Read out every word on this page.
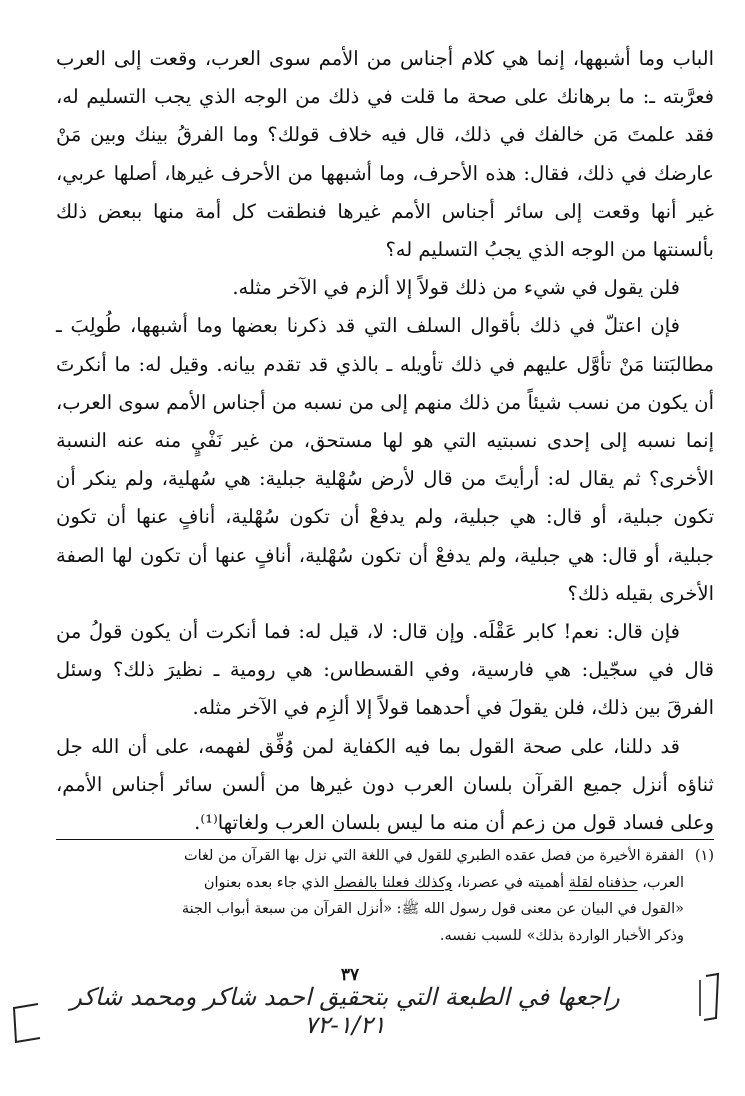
الباب وما أشبهها، إنما هي كلام أجناس من الأمم سوى العرب، وقعت إلى العرب فعرَّبته ـ: ما برهانك على صحة ما قلت في ذلك من الوجه الذي يجب التسليم له، فقد علمتَ مَن خالفك في ذلك، قال فيه خلاف قولك؟ وما الفرقُ بينك وبين مَنْ عارضك في ذلك، فقال: هذه الأحرف، وما أشبهها من الأحرف غيرها، أصلها عربي، غير أنها وقعت إلى سائر أجناس الأمم غيرها فنطقت كل أمة منها ببعض ذلك بألسنتها من الوجه الذي يجبُ التسليم له؟

فلن يقول في شيء من ذلك قولاً إلا ألزم في الآخر مثله.

فإن اعتلّ في ذلك بأقوال السلف التي قد ذكرنا بعضها وما أشبهها، طُولِبَ ـ مطالبَتنا مَنْ تأوَّل عليهم في ذلك تأويله ـ بالذي قد تقدم بيانه. وقيل له: ما أنكرتَ أن يكون من نسب شيئاً من ذلك منهم إلى من نسبه من أجناس الأمم سوى العرب، إنما نسبه إلى إحدى نسبتيه التي هو لها مستحق، من غير نَفْيٍ منه عنه النسبة الأخرى؟ ثم يقال له: أرأيتَ من قال لأرض سُهْلية جبلية: هي سُهلية، ولم ينكر أن تكون جبلية، أو قال: هي جبلية، ولم يدفعْ أن تكون سُهْلية، أنافٍ عنها أن تكون جبلية، أو قال: هي جبلية، ولم يدفعْ أن تكون سُهْلية، أنافٍ عنها أن تكون لها الصفة الأخرى بقيله ذلك؟

فإن قال: نعم! كابر عَقْلَه. وإن قال: لا، قيل له: فما أنكرت أن يكون قولُ من قال في سجّيل: هي فارسية، وفي القسطاس: هي رومية ـ نظيرَ ذلك؟ وسئل الفرقَ بين ذلك، فلن يقولَ في أحدهما قولاً إلا ألزِم في الآخر مثله.

قد دللنا، على صحة القول بما فيه الكفاية لمن وُفِّق لفهمه، على أن الله جل ثناؤه أنزل جميع القرآن بلسان العرب دون غيرها من ألسن سائر أجناس الأمم، وعلى فساد قول من زعم أن منه ما ليس بلسان العرب ولغاتها⁽¹⁾.

(١)الفقرة الأخيرة من فصل عقده الطبري للقول في اللغة التي نزل بها القرآن من لغات

العرب، حذفناه لقلة أهميته في عصرنا، وكذلك فعلنا بالفصل الذي جاء بعده بعنوان

«القول في البيان عن معنى قول رسول الله ﷺ: «أنزل القرآن من سبعة أبواب الجنة

وذكر الأخبار الواردة بذلك» للسبب نفسه.

٣٧
راجعها في الطبعة التي بتحقيق احمد شاكر ومحمد شاكر ١/٢١-٧٢
